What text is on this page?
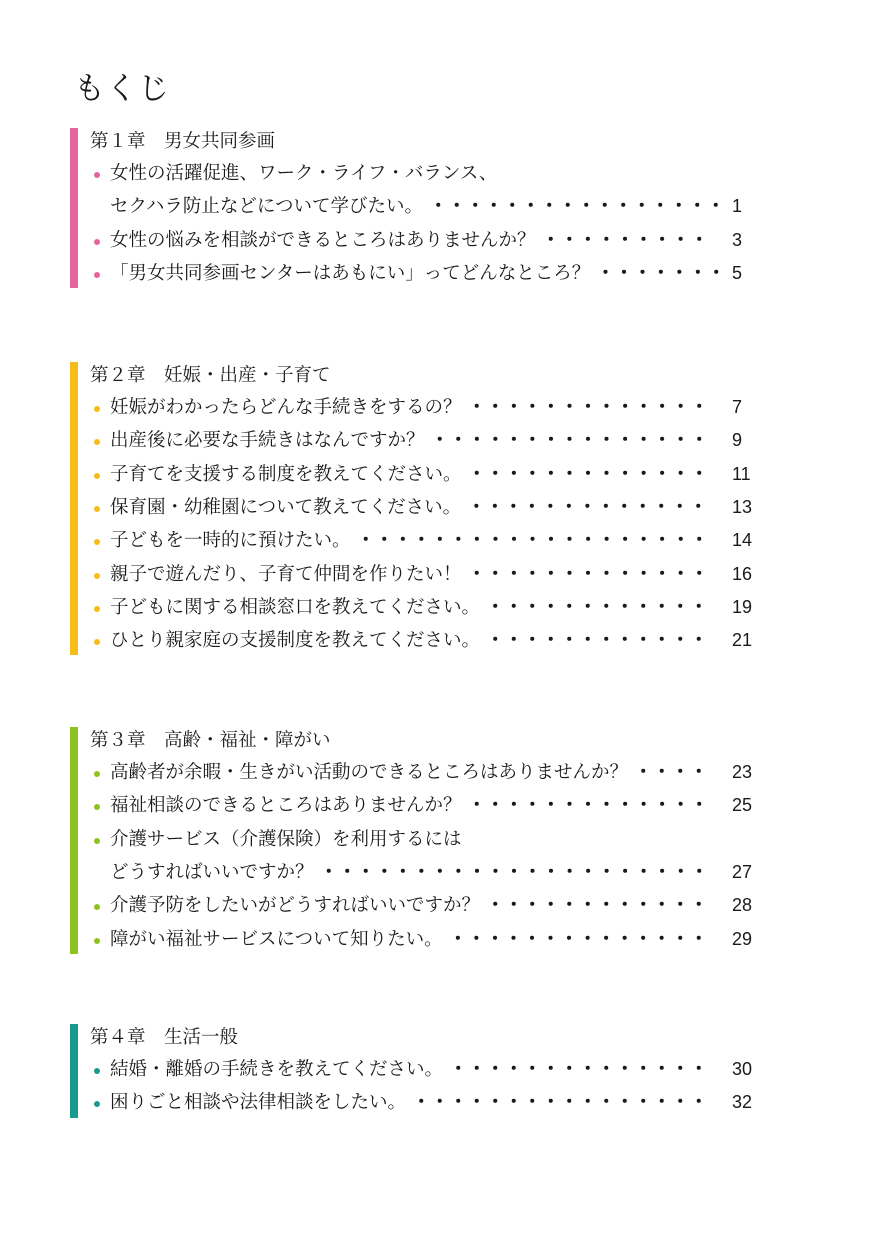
もくじ
第１章　男女共同参画
女性の活躍促進、ワーク・ライフ・バランス、
セクハラ防止などについて学びたい。 ・・・・・・・・・・・・・・・・ 1
女性の悩みを相談ができるところはありませんか？ ・・・・・・・・・	3
「男女共同参画センターはあもにい」ってどんなところ？ ・・・・・・・ 5
第２章　妊娠・出産・子育て
妊娠がわかったらどんな手続きをするの？ ・・・・・・・・・・・・・	7
出産後に必要な手続きはなんですか？ ・・・・・・・・・・・・・・・	9
子育てを支援する制度を教えてください。 ・・・・・・・・・・・・・	11
保育園・幼稚園について教えてください。 ・・・・・・・・・・・・・	13
子どもを一時的に預けたい。 ・・・・・・・・・・・・・・・・・・・	14
親子で遊んだり、子育て仲間を作りたい！ ・・・・・・・・・・・・・	16
子どもに関する相談窓口を教えてください。 ・・・・・・・・・・・・	19
ひとり親家庭の支援制度を教えてください。 ・・・・・・・・・・・・	21
第３章　高齢・福祉・障がい
高齢者が余暇・生きがい活動のできるところはありませんか？ ・・・・	23
福祉相談のできるところはありませんか？ ・・・・・・・・・・・・・	25
介護サービス（介護保険）を利用するには
どうすればいいですか？ ・・・・・・・・・・・・・・・・・・・・・	27
介護予防をしたいがどうすればいいですか？ ・・・・・・・・・・・・	28
障がい福祉サービスについて知りたい。 ・・・・・・・・・・・・・・	29
第４章　生活一般
結婚・離婚の手続きを教えてください。 ・・・・・・・・・・・・・・	30
困りごと相談や法律相談をしたい。 ・・・・・・・・・・・・・・・・	32
